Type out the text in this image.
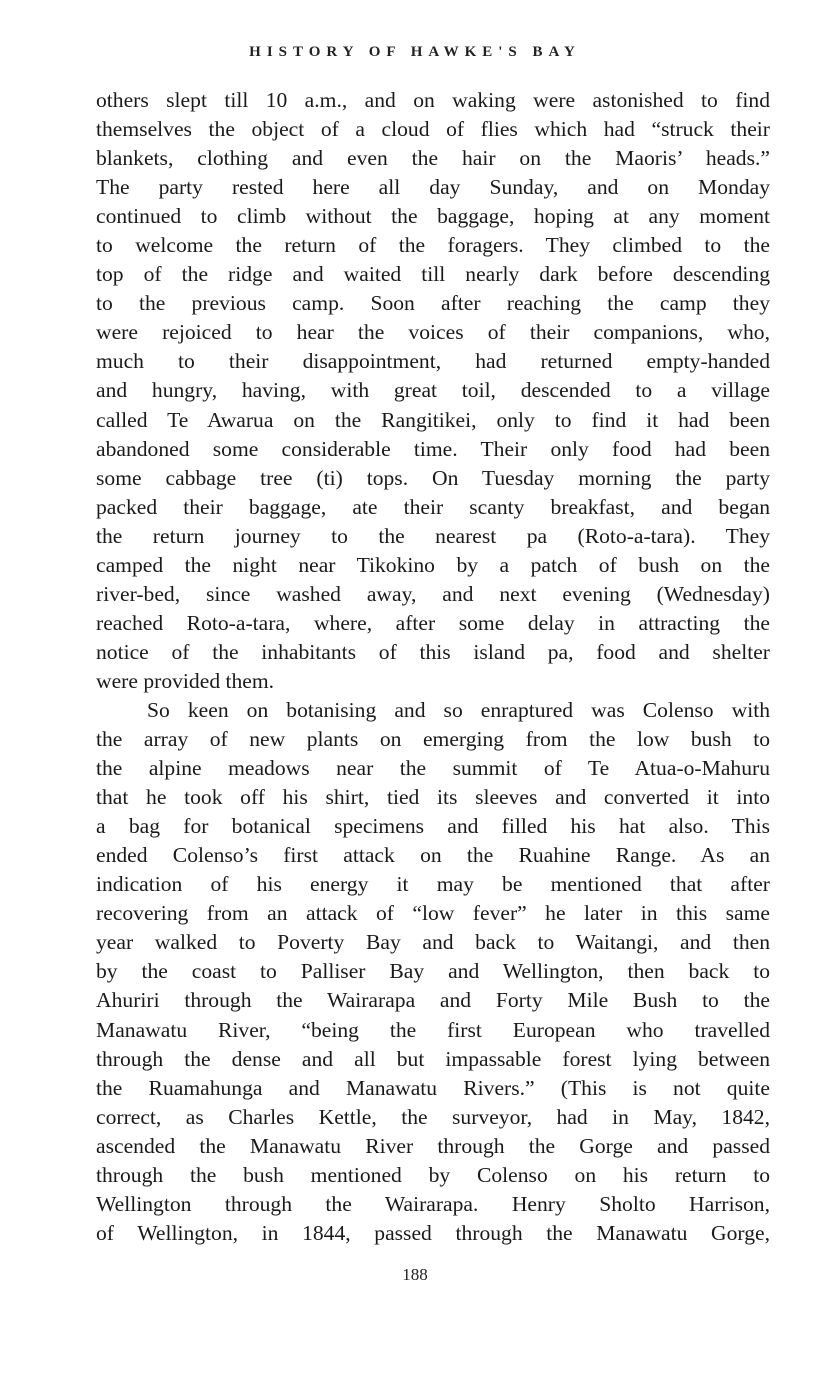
HISTORY OF HAWKE'S BAY
others slept till 10 a.m., and on waking were astonished to find
themselves the object of a cloud of flies which had “struck their
blankets, clothing and even the hair on the Maoris’ heads.”
The party rested here all day Sunday, and on Monday
continued to climb without the baggage, hoping at any moment
to welcome the return of the foragers. They climbed to the
top of the ridge and waited till nearly dark before descending
to the previous camp. Soon after reaching the camp they
were rejoiced to hear the voices of their companions, who,
much to their disappointment, had returned empty-handed
and hungry, having, with great toil, descended to a village
called Te Awarua on the Rangitikei, only to find it had been
abandoned some considerable time. Their only food had been
some cabbage tree (ti) tops. On Tuesday morning the party
packed their baggage, ate their scanty breakfast, and began
the return journey to the nearest pa (Roto-a-tara). They
camped the night near Tikokino by a patch of bush on the
river-bed, since washed away, and next evening (Wednesday)
reached Roto-a-tara, where, after some delay in attracting the
notice of the inhabitants of this island pa, food and shelter
were provided them.
So keen on botanising and so enraptured was Colenso with
the array of new plants on emerging from the low bush to
the alpine meadows near the summit of Te Atua-o-Mahuru
that he took off his shirt, tied its sleeves and converted it into
a bag for botanical specimens and filled his hat also. This
ended Colenso’s first attack on the Ruahine Range. As an
indication of his energy it may be mentioned that after
recovering from an attack of “low fever” he later in this same
year walked to Poverty Bay and back to Waitangi, and then
by the coast to Palliser Bay and Wellington, then back to
Ahuriri through the Wairarapa and Forty Mile Bush to the
Manawatu River, “being the first European who travelled
through the dense and all but impassable forest lying between
the Ruamahunga and Manawatu Rivers.” (This is not quite
correct, as Charles Kettle, the surveyor, had in May, 1842,
ascended the Manawatu River through the Gorge and passed
through the bush mentioned by Colenso on his return to
Wellington through the Wairarapa. Henry Sholto Harrison,
of Wellington, in 1844, passed through the Manawatu Gorge,
188
